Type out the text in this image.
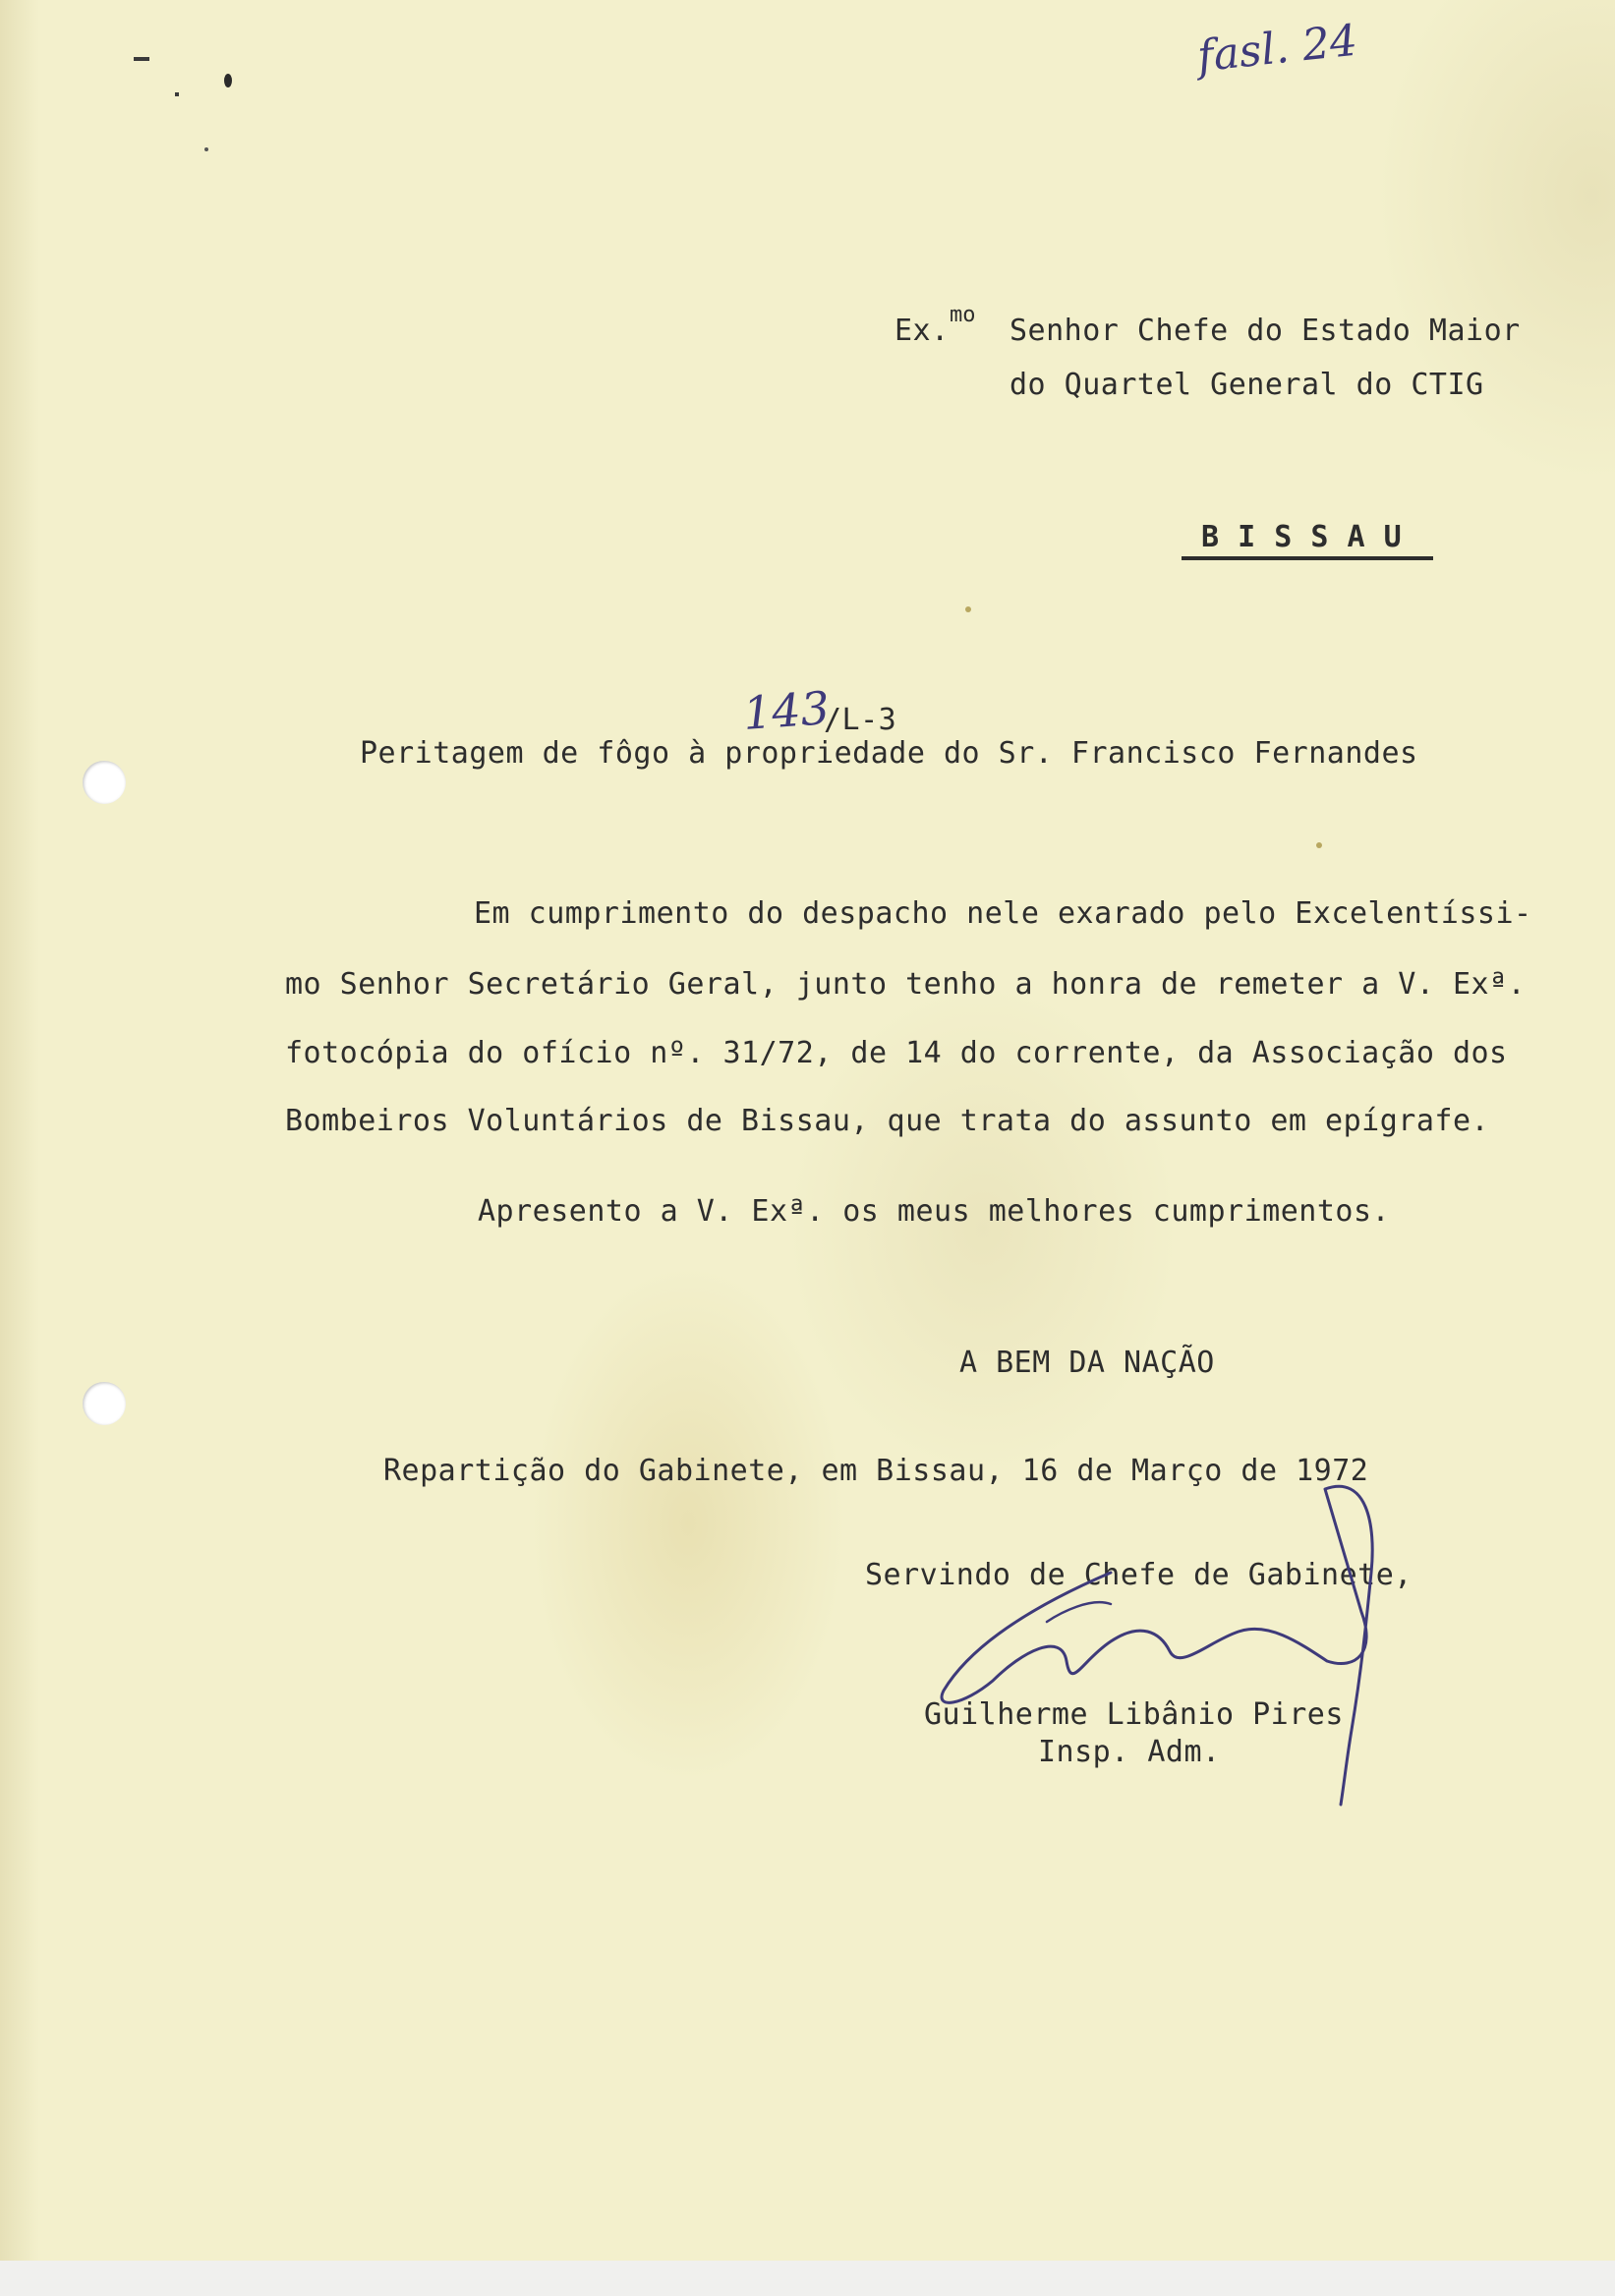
fasl. 24
Ex. mo Senhor Chefe do Estado Maior
do Quartel General do CTIG
B I S S A U
143
/L-3
Peritagem de fôgo à propriedade do Sr. Francisco Fernandes
Em cumprimento do despacho nele exarado pelo Excelentíssi-
mo Senhor Secretário Geral, junto tenho a honra de remeter a V. Exª.
fotocópia do ofício nº. 31/72, de 14 do corrente, da Associação dos
Bombeiros Voluntários de Bissau, que trata do assunto em epígrafe.
Apresento a V. Exª. os meus melhores cumprimentos.
A BEM DA NAÇÃO
Repartição do Gabinete, em Bissau, 16 de Março de 1972
Servindo de Chefe de Gabinete,
Guilherme Libânio Pires
Insp. Adm.
